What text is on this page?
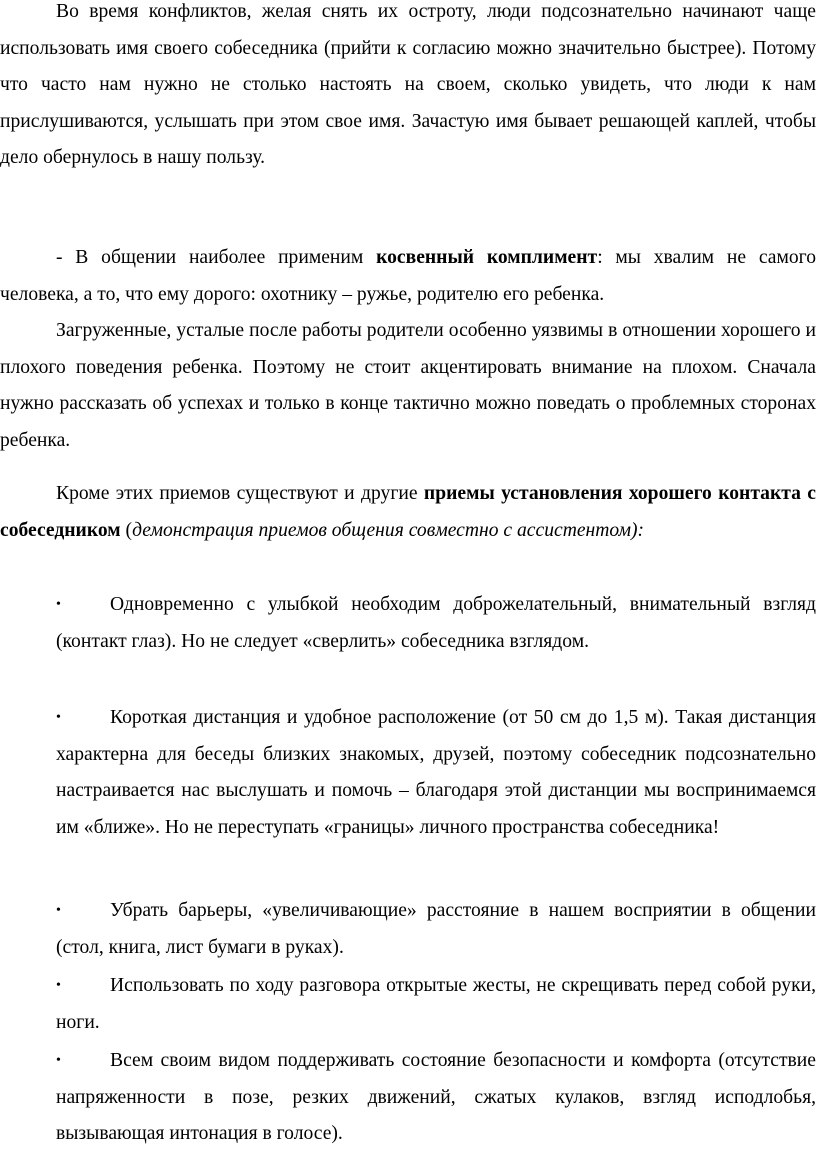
Во время конфликтов, желая снять их остроту, люди подсознательно начинают чаще использовать имя своего собеседника (прийти к согласию можно значительно быстрее). Потому что часто нам нужно не столько настоять на своем, сколько увидеть, что люди к нам прислушиваются, услышать при этом свое имя. Зачастую имя бывает решающей каплей, чтобы дело обернулось в нашу пользу.

- В общении наиболее применим косвенный комплимент: мы хвалим не самого человека, а то, что ему дорого: охотнику – ружье, родителю его ребенка.

Загруженные, усталые после работы родители особенно уязвимы в отношении хорошего и плохого поведения ребенка. Поэтому не стоит акцентировать внимание на плохом. Сначала нужно рассказать об успехах и только в конце тактично можно поведать о проблемных сторонах ребенка.

Кроме этих приемов существуют и другие приемы установления хорошего контакта с собеседником (демонстрация приемов общения совместно с ассистентом):

•	Одновременно с улыбкой необходим доброжелательный, внимательный взгляд (контакт глаз). Но не следует «сверлить» собеседника взглядом.
•	Короткая дистанция и удобное расположение (от 50 см до 1,5 м). Такая дистанция характерна для беседы близких знакомых, друзей, поэтому собеседник подсознательно настраивается нас выслушать и помочь – благодаря этой дистанции мы воспринимаемся им «ближе». Но не переступать «границы» личного пространства собеседника!
•	Убрать барьеры, «увеличивающие» расстояние в нашем восприятии в общении (стол, книга, лист бумаги в руках).
•	Использовать по ходу разговора открытые жесты, не скрещивать перед собой руки, ноги.
•	Всем своим видом поддерживать состояние безопасности и комфорта (отсутствие напряженности в позе, резких движений, сжатых кулаков, взгляд исподлобья, вызывающая интонация в голосе).
